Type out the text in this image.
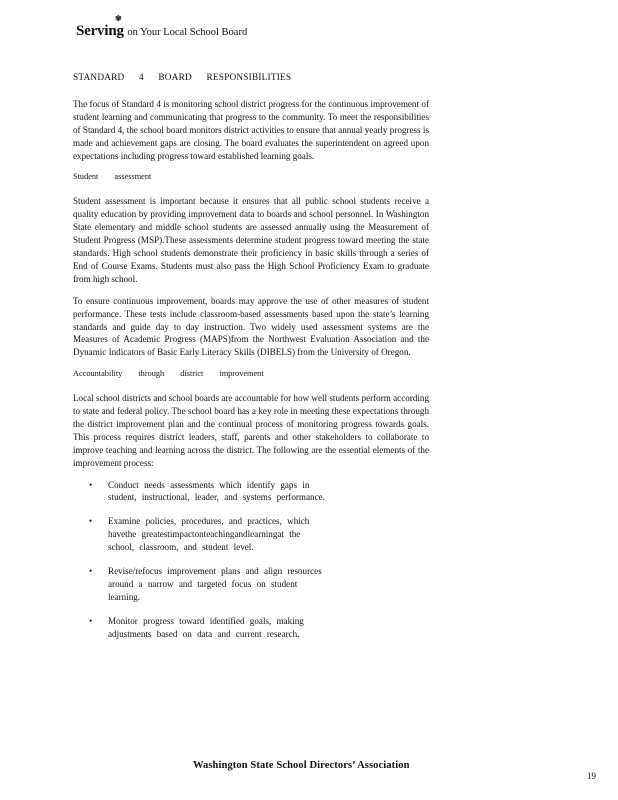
✾
Serving on Your Local School Board
STANDARD 4 BOARD RESPONSIBILITIES

The focus of Standard 4 is monitoring school district progress for the continuous improvement of student learning and communicating that progress to the community. To meet the responsibilities of Standard 4, the school board monitors district activities to ensure that annual yearly progress is made and achievement gaps are closing. The board evaluates the superintendent on agreed upon expectations including progress toward established learning goals.

Student assessment

Student assessment is important because it ensures that all public school students receive a quality education by providing improvement data to boards and school personnel. In Washington State elementary and middle school students are assessed annually using the Measurement of Student Progress (MSP).These assessments determine student progress toward meeting the state standards. High school students demonstrate their proficiency in basic skills through a series of End of Course Exams. Students must also pass the High School Proficiency Exam to graduate from high school.

To ensure continuous improvement, boards may approve the use of other measures of student performance. These tests include classroom-based assessments based upon the state’s learning standards and guide day to day instruction. Two widely used assessment systems are the Measures of Academic Progress (MAPS)from the Northwest Evaluation Association and the Dynamic Indicators of Basic Early Literacy Skills (DIBELS) from the University of Oregon.

Accountability through district improvement

Local school districts and school boards are accountable for how well students perform according to state and federal policy. The school board has a key role in meeting these expectations through the district improvement plan and the continual process of monitoring progress towards goals. This process requires district leaders, staff, parents and other stakeholders to collaborate to improve teaching and learning across the district. The following are the essential elements of the improvement process:

• Conduct needs assessments which identify gaps in student, instructional, leader, and systems performance.
• Examine policies, procedures, and practices, which havethe greatestimpactonteachingandlearningat the school, classroom, and student level.
• Revise/refocus improvement plans and align resources around a narrow and targeted focus on student learning.
• Monitor progress toward identified goals, making adjustments based on data and current research.
Washington State School Directors’ Association
19
